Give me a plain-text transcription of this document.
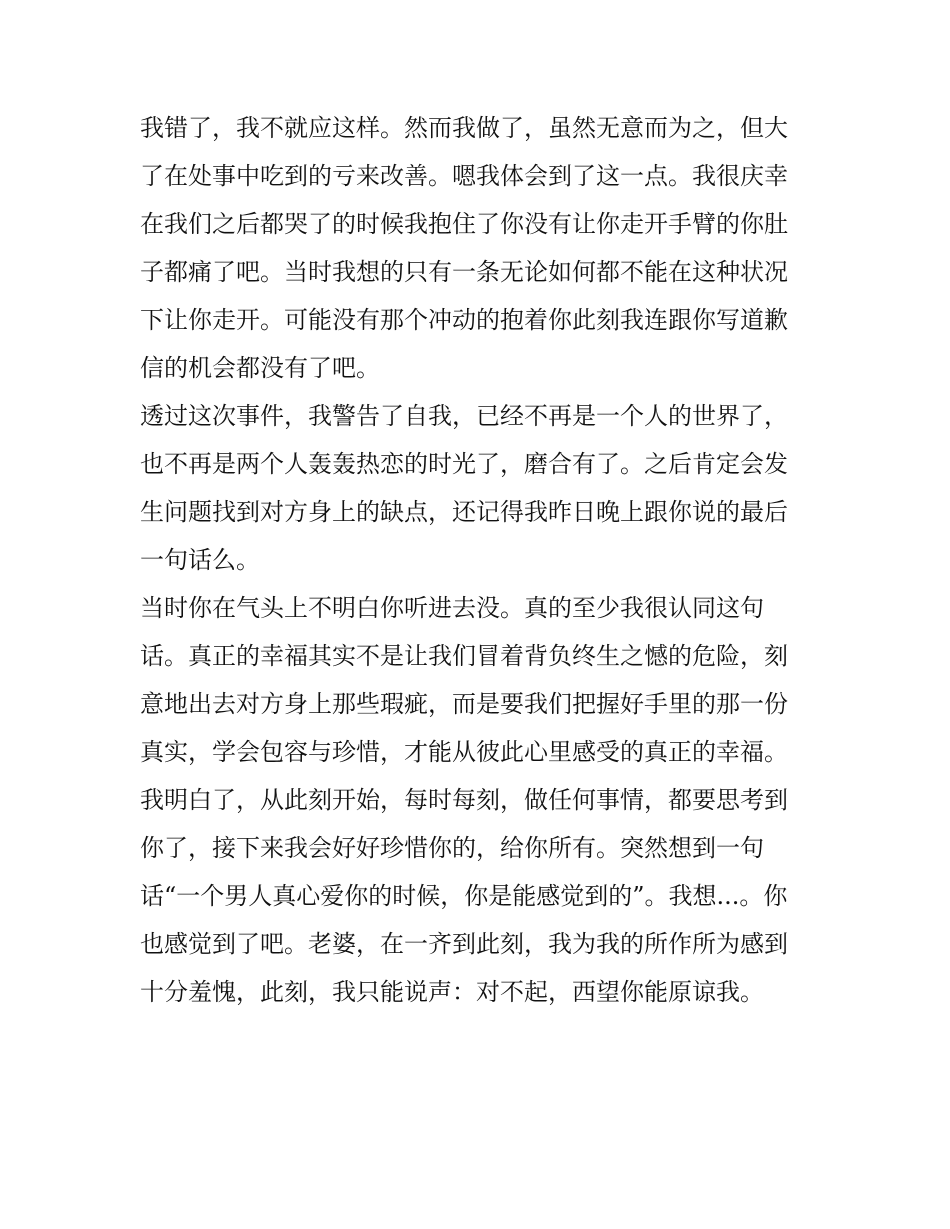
我错了，我不就应这样。然而我做了，虽然无意而为之，但大
了在处事中吃到的亏来改善。嗯我体会到了这一点。我很庆幸
在我们之后都哭了的时候我抱住了你没有让你走开手臂的你肚
子都痛了吧。当时我想的只有一条无论如何都不能在这种状况
下让你走开。可能没有那个冲动的抱着你此刻我连跟你写道歉
信的机会都没有了吧。
透过这次事件，我警告了自我，已经不再是一个人的世界了，
也不再是两个人轰轰热恋的时光了，磨合有了。之后肯定会发
生问题找到对方身上的缺点，还记得我昨日晚上跟你说的最后
一句话么。
当时你在气头上不明白你听进去没。真的至少我很认同这句
话。真正的幸福其实不是让我们冒着背负终生之憾的危险，刻
意地出去对方身上那些瑕疵，而是要我们把握好手里的那一份
真实，学会包容与珍惜，才能从彼此心里感受的真正的幸福。
我明白了，从此刻开始，每时每刻，做任何事情，都要思考到
你了，接下来我会好好珍惜你的，给你所有。突然想到一句
话“一个男人真心爱你的时候，你是能感觉到的”。我想...。你
也感觉到了吧。老婆，在一齐到此刻，我为我的所作所为感到
十分羞愧，此刻，我只能说声：对不起，西望你能原谅我。
